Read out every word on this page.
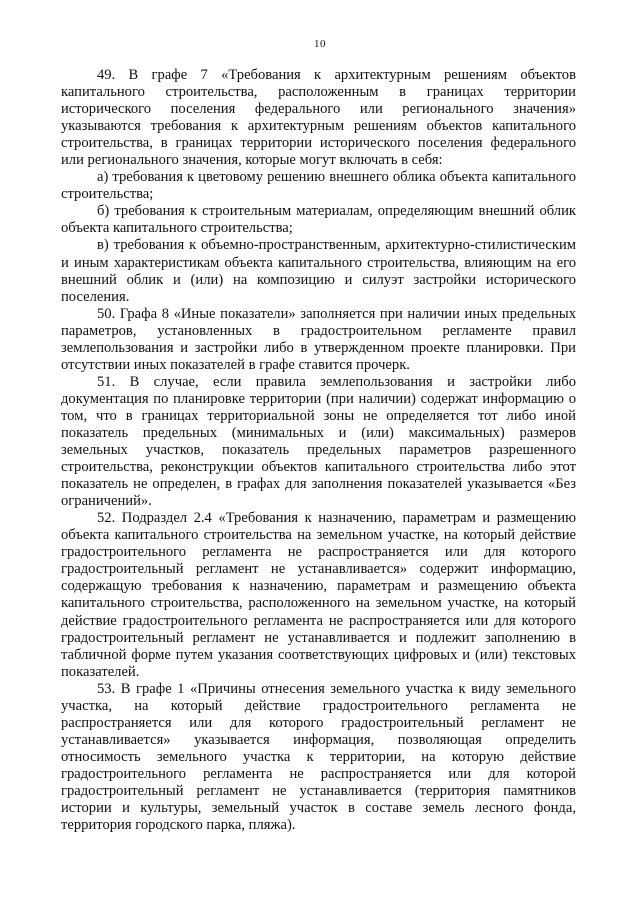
10

49. В графе 7 «Требования к архитектурным решениям объектов капитального строительства, расположенным в границах территории исторического поселения федерального или регионального значения» указываются требования к архитектурным решениям объектов капитального строительства, в границах территории исторического поселения федерального или регионального значения, которые могут включать в себя:

а) требования к цветовому решению внешнего облика объекта капитального строительства;

б) требования к строительным материалам, определяющим внешний облик объекта капитального строительства;

в) требования к объемно-пространственным, архитектурно-стилистическим и иным характеристикам объекта капитального строительства, влияющим на его внешний облик и (или) на композицию и силуэт застройки исторического поселения.

50. Графа 8 «Иные показатели» заполняется при наличии иных предельных параметров, установленных в градостроительном регламенте правил землепользования и застройки либо в утвержденном проекте планировки. При отсутствии иных показателей в графе ставится прочерк.

51. В случае, если правила землепользования и застройки либо документация по планировке территории (при наличии) содержат информацию о том, что в границах территориальной зоны не определяется тот либо иной показатель предельных (минимальных и (или) максимальных) размеров земельных участков, показатель предельных параметров разрешенного строительства, реконструкции объектов капитального строительства либо этот показатель не определен, в графах для заполнения показателей указывается «Без ограничений».

52. Подраздел 2.4 «Требования к назначению, параметрам и размещению объекта капитального строительства на земельном участке, на который действие градостроительного регламента не распространяется или для которого градостроительный регламент не устанавливается» содержит информацию, содержащую требования к назначению, параметрам и размещению объекта капитального строительства, расположенного на земельном участке, на который действие градостроительного регламента не распространяется или для которого градостроительный регламент не устанавливается и подлежит заполнению в табличной форме путем указания соответствующих цифровых и (или) текстовых показателей.

53. В графе 1 «Причины отнесения земельного участка к виду земельного участка, на который действие градостроительного регламента не распространяется или для которого градостроительный регламент не устанавливается» указывается информация, позволяющая определить относимость земельного участка к территории, на которую действие градостроительного регламента не распространяется или для которой градостроительный регламент не устанавливается (территория памятников истории и культуры, земельный участок в составе земель лесного фонда, территория городского парка, пляжа).
